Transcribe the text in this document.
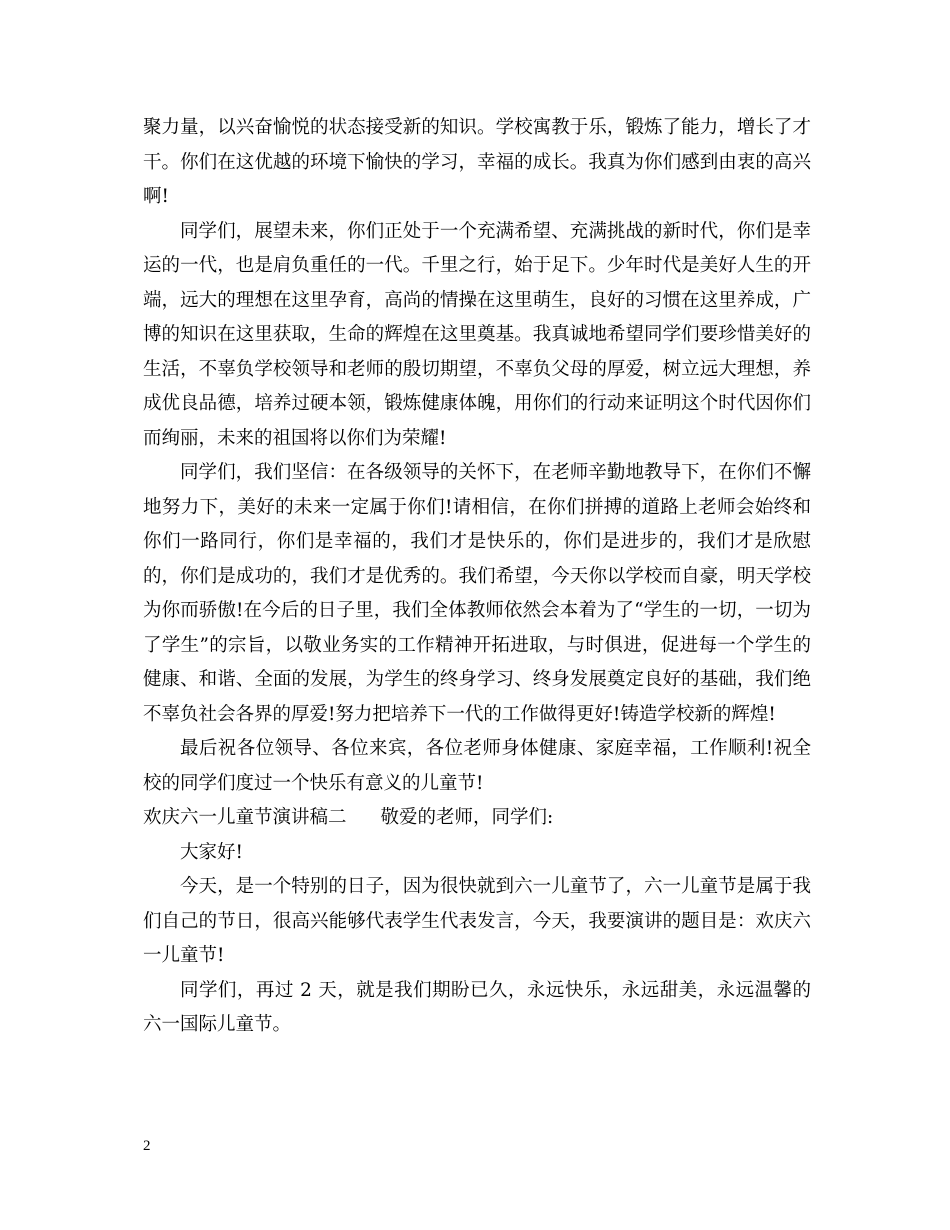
聚力量，以兴奋愉悦的状态接受新的知识。学校寓教于乐，锻炼了能力，增长了才干。你们在这优越的环境下愉快的学习，幸福的成长。我真为你们感到由衷的高兴啊!

同学们，展望未来，你们正处于一个充满希望、充满挑战的新时代，你们是幸运的一代，也是肩负重任的一代。千里之行，始于足下。少年时代是美好人生的开端，远大的理想在这里孕育，高尚的情操在这里萌生，良好的习惯在这里养成，广博的知识在这里获取，生命的辉煌在这里奠基。我真诚地希望同学们要珍惜美好的生活，不辜负学校领导和老师的殷切期望，不辜负父母的厚爱，树立远大理想，养成优良品德，培养过硬本领，锻炼健康体魄，用你们的行动来证明这个时代因你们而绚丽，未来的祖国将以你们为荣耀!

同学们，我们坚信：在各级领导的关怀下，在老师辛勤地教导下，在你们不懈地努力下，美好的未来一定属于你们!请相信，在你们拼搏的道路上老师会始终和你们一路同行，你们是幸福的，我们才是快乐的，你们是进步的，我们才是欣慰的，你们是成功的，我们才是优秀的。我们希望，今天你以学校而自豪，明天学校为你而骄傲!在今后的日子里，我们全体教师依然会本着为了“学生的一切，一切为了学生”的宗旨，以敬业务实的工作精神开拓进取，与时俱进，促进每一个学生的健康、和谐、全面的发展，为学生的终身学习、终身发展奠定良好的基础，我们绝不辜负社会各界的厚爱!努力把培养下一代的工作做得更好!铸造学校新的辉煌!

最后祝各位领导、各位来宾，各位老师身体健康、家庭幸福，工作顺利!祝全校的同学们度过一个快乐有意义的儿童节!

欢庆六一儿童节演讲稿二 敬爱的老师，同学们:

大家好!

今天，是一个特别的日子，因为很快就到六一儿童节了，六一儿童节是属于我们自己的节日，很高兴能够代表学生代表发言，今天，我要演讲的题目是：欢庆六一儿童节!

同学们，再过 2 天，就是我们期盼已久，永远快乐，永远甜美，永远温馨的六一国际儿童节。

2
